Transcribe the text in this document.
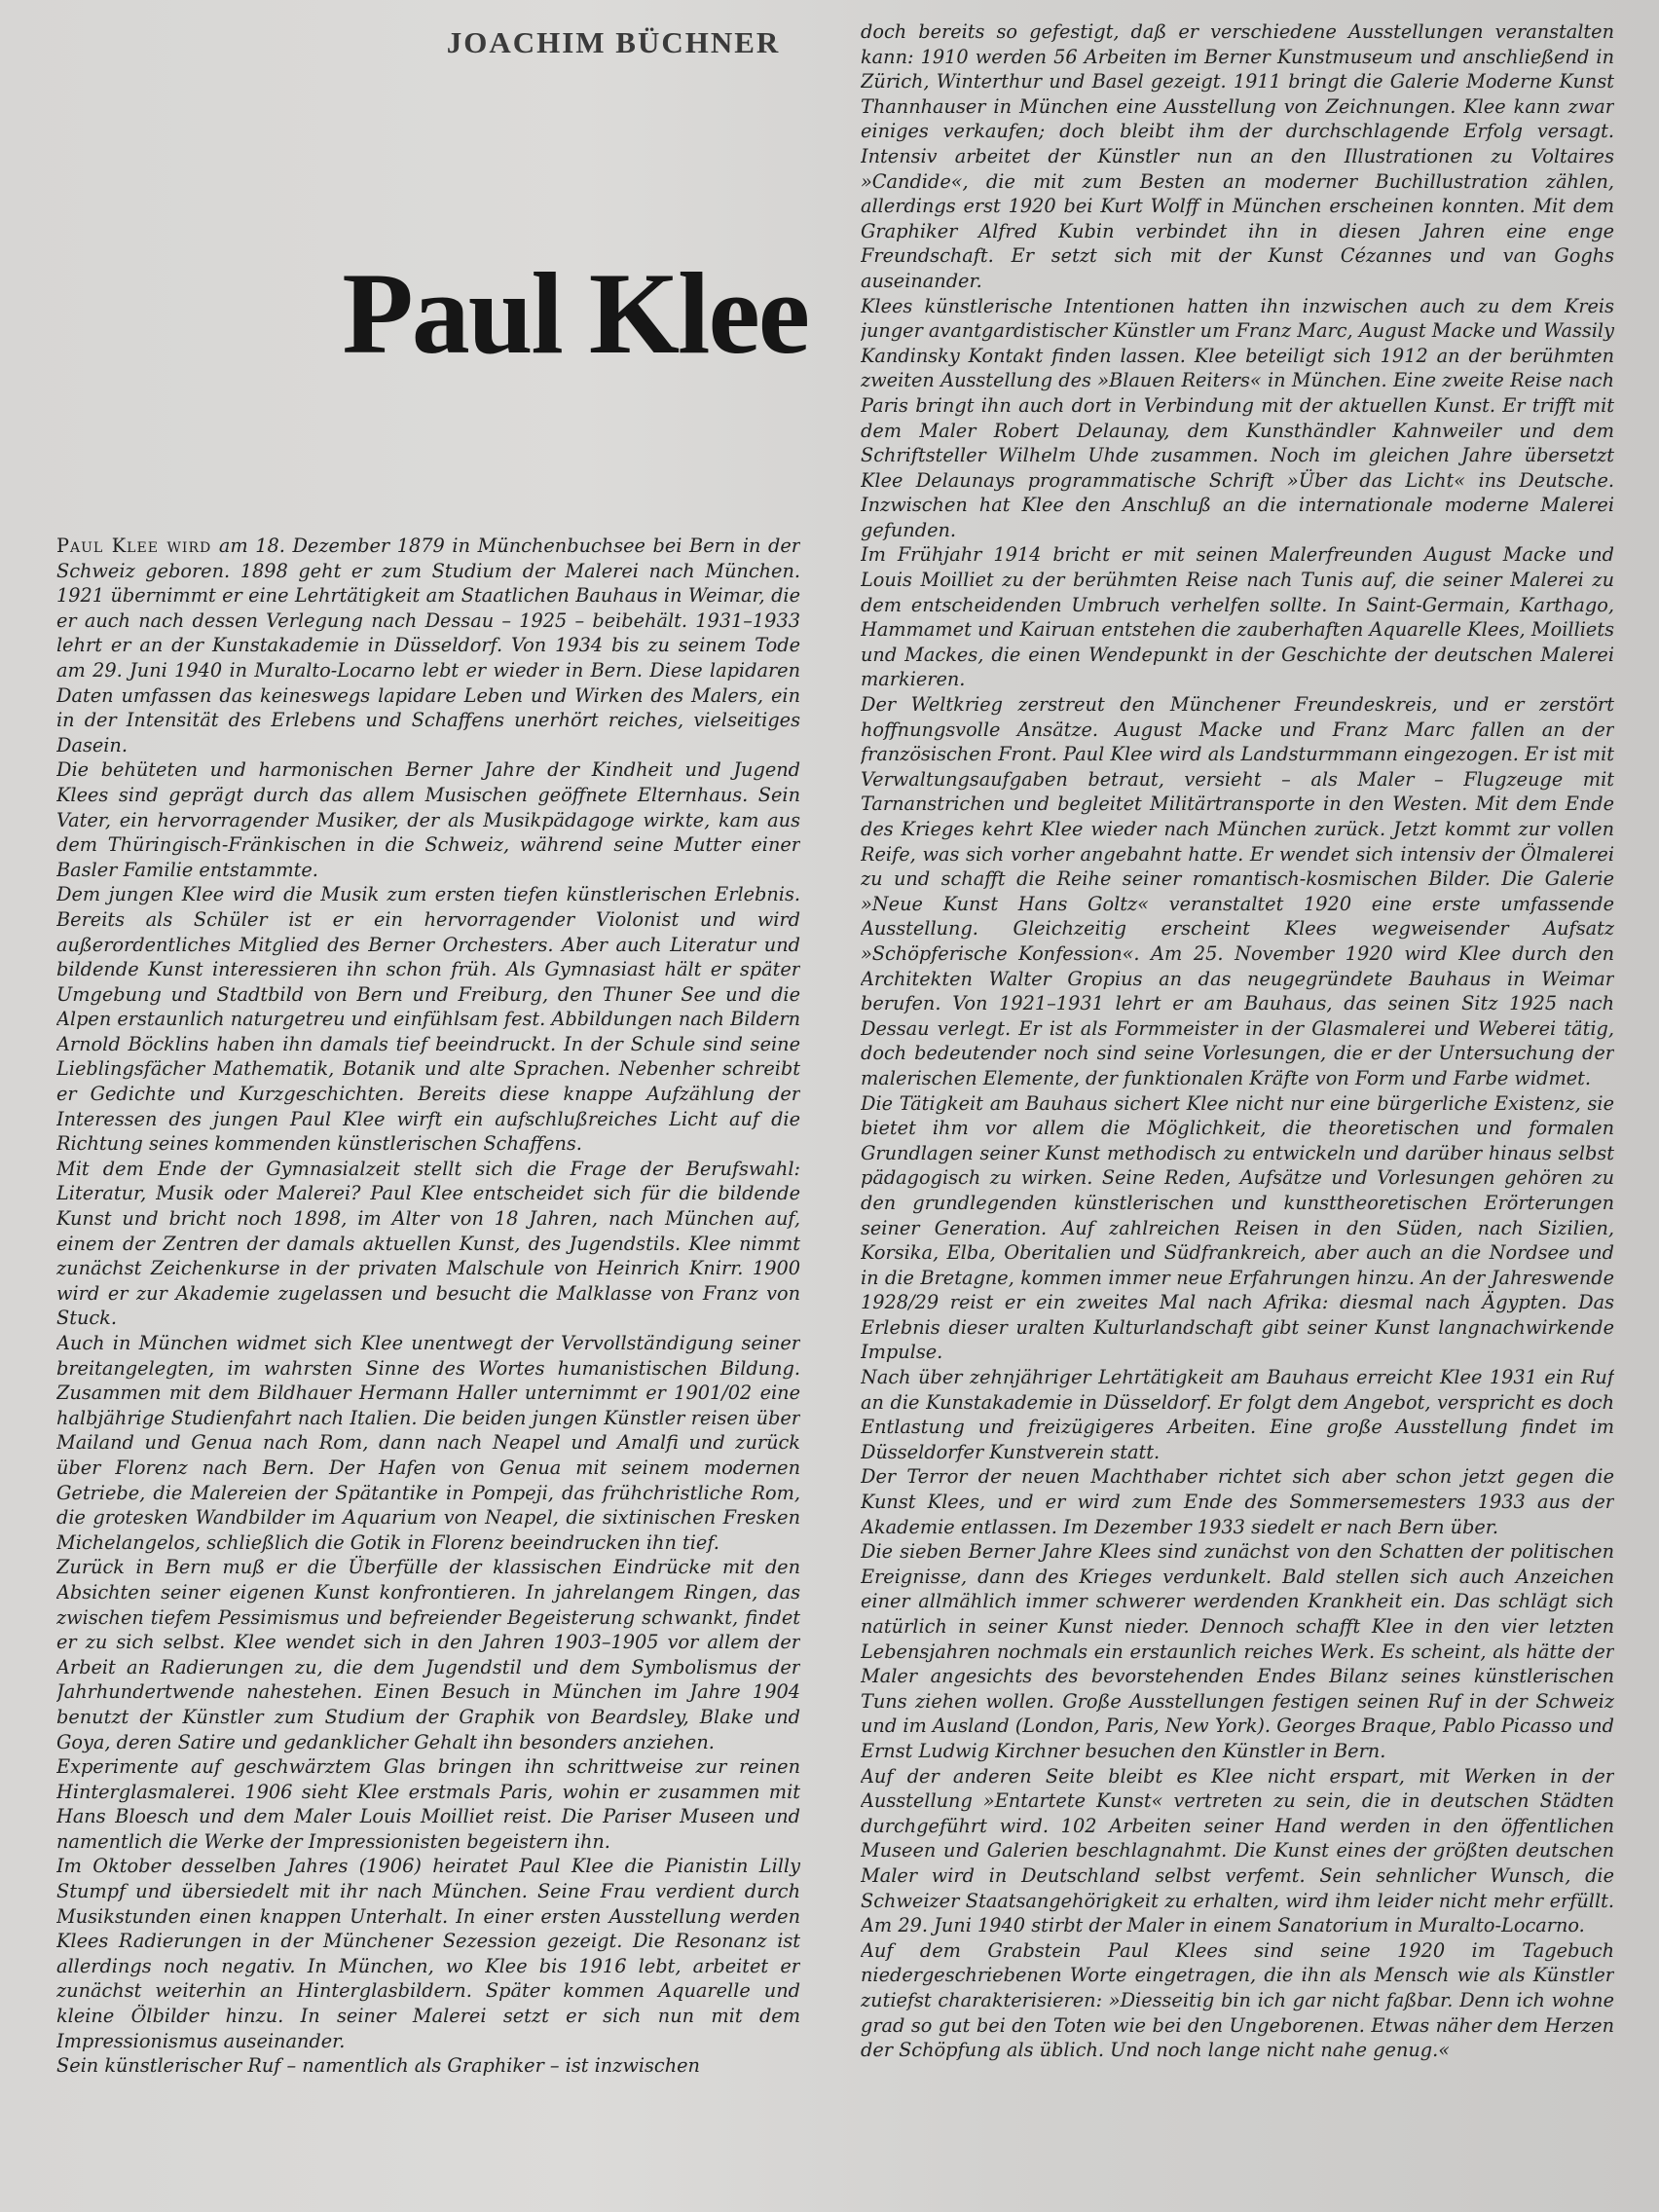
JOACHIM BÜCHNER
Paul Klee

Paul Klee wird am 18. Dezember 1879 in Münchenbuchsee bei Bern in der Schweiz geboren. 1898 geht er zum Studium der Malerei nach München. 1921 übernimmt er eine Lehrtätigkeit am Staatlichen Bauhaus in Weimar, die er auch nach dessen Verlegung nach Dessau – 1925 – beibehält. 1931–1933 lehrt er an der Kunstakademie in Düsseldorf. Von 1934 bis zu seinem Tode am 29. Juni 1940 in Muralto-Locarno lebt er wieder in Bern. Diese lapidaren Daten umfassen das keineswegs lapidare Leben und Wirken des Malers, ein in der Intensität des Erlebens und Schaffens unerhört reiches, vielseitiges Dasein.

Die behüteten und harmonischen Berner Jahre der Kindheit und Jugend Klees sind geprägt durch das allem Musischen geöffnete Elternhaus. Sein Vater, ein hervorragender Musiker, der als Musikpädagoge wirkte, kam aus dem Thüringisch-Fränkischen in die Schweiz, während seine Mutter einer Basler Familie entstammte.

Dem jungen Klee wird die Musik zum ersten tiefen künstlerischen Erlebnis. Bereits als Schüler ist er ein hervorragender Violonist und wird außerordentliches Mitglied des Berner Orchesters. Aber auch Literatur und bildende Kunst interessieren ihn schon früh. Als Gymnasiast hält er später Umgebung und Stadtbild von Bern und Freiburg, den Thuner See und die Alpen erstaunlich naturgetreu und einfühlsam fest. Abbildungen nach Bildern Arnold Böcklins haben ihn damals tief beeindruckt. In der Schule sind seine Lieblingsfächer Mathematik, Botanik und alte Sprachen. Nebenher schreibt er Gedichte und Kurzgeschichten. Bereits diese knappe Aufzählung der Interessen des jungen Paul Klee wirft ein aufschlußreiches Licht auf die Richtung seines kommenden künstlerischen Schaffens.

Mit dem Ende der Gymnasialzeit stellt sich die Frage der Berufswahl: Literatur, Musik oder Malerei? Paul Klee entscheidet sich für die bildende Kunst und bricht noch 1898, im Alter von 18 Jahren, nach München auf, einem der Zentren der damals aktuellen Kunst, des Jugendstils. Klee nimmt zunächst Zeichenkurse in der privaten Malschule von Heinrich Knirr. 1900 wird er zur Akademie zugelassen und besucht die Malklasse von Franz von Stuck.

Auch in München widmet sich Klee unentwegt der Vervollständigung seiner breitangelegten, im wahrsten Sinne des Wortes humanistischen Bildung. Zusammen mit dem Bildhauer Hermann Haller unternimmt er 1901/02 eine halbjährige Studienfahrt nach Italien. Die beiden jungen Künstler reisen über Mailand und Genua nach Rom, dann nach Neapel und Amalfi und zurück über Florenz nach Bern. Der Hafen von Genua mit seinem modernen Getriebe, die Malereien der Spätantike in Pompeji, das frühchristliche Rom, die grotesken Wandbilder im Aquarium von Neapel, die sixtinischen Fresken Michelangelos, schließlich die Gotik in Florenz beeindrucken ihn tief.

Zurück in Bern muß er die Überfülle der klassischen Eindrücke mit den Absichten seiner eigenen Kunst konfrontieren. In jahrelangem Ringen, das zwischen tiefem Pessimismus und befreiender Begeisterung schwankt, findet er zu sich selbst. Klee wendet sich in den Jahren 1903–1905 vor allem der Arbeit an Radierungen zu, die dem Jugendstil und dem Symbolismus der Jahrhundertwende nahestehen. Einen Besuch in München im Jahre 1904 benutzt der Künstler zum Studium der Graphik von Beardsley, Blake und Goya, deren Satire und gedanklicher Gehalt ihn besonders anziehen.

Experimente auf geschwärztem Glas bringen ihn schrittweise zur reinen Hinterglasmalerei. 1906 sieht Klee erstmals Paris, wohin er zusammen mit Hans Bloesch und dem Maler Louis Moilliet reist. Die Pariser Museen und namentlich die Werke der Impressionisten begeistern ihn.

Im Oktober desselben Jahres (1906) heiratet Paul Klee die Pianistin Lilly Stumpf und übersiedelt mit ihr nach München. Seine Frau verdient durch Musikstunden einen knappen Unterhalt. In einer ersten Ausstellung werden Klees Radierungen in der Münchener Sezession gezeigt. Die Resonanz ist allerdings noch negativ. In München, wo Klee bis 1916 lebt, arbeitet er zunächst weiterhin an Hinterglasbildern. Später kommen Aquarelle und kleine Ölbilder hinzu. In seiner Malerei setzt er sich nun mit dem Impressionismus auseinander.

Sein künstlerischer Ruf – namentlich als Graphiker – ist inzwischen

doch bereits so gefestigt, daß er verschiedene Ausstellungen veranstalten kann: 1910 werden 56 Arbeiten im Berner Kunstmuseum und anschließend in Zürich, Winterthur und Basel gezeigt. 1911 bringt die Galerie Moderne Kunst Thannhauser in München eine Ausstellung von Zeichnungen. Klee kann zwar einiges verkaufen; doch bleibt ihm der durchschlagende Erfolg versagt. Intensiv arbeitet der Künstler nun an den Illustrationen zu Voltaires »Candide«, die mit zum Besten an moderner Buchillustration zählen, allerdings erst 1920 bei Kurt Wolff in München erscheinen konnten. Mit dem Graphiker Alfred Kubin verbindet ihn in diesen Jahren eine enge Freundschaft. Er setzt sich mit der Kunst Cézannes und van Goghs auseinander.

Klees künstlerische Intentionen hatten ihn inzwischen auch zu dem Kreis junger avantgardistischer Künstler um Franz Marc, August Macke und Wassily Kandinsky Kontakt finden lassen. Klee beteiligt sich 1912 an der berühmten zweiten Ausstellung des »Blauen Reiters« in München. Eine zweite Reise nach Paris bringt ihn auch dort in Verbindung mit der aktuellen Kunst. Er trifft mit dem Maler Robert Delaunay, dem Kunsthändler Kahnweiler und dem Schriftsteller Wilhelm Uhde zusammen. Noch im gleichen Jahre übersetzt Klee Delaunays programmatische Schrift »Über das Licht« ins Deutsche. Inzwischen hat Klee den Anschluß an die internationale moderne Malerei gefunden.

Im Frühjahr 1914 bricht er mit seinen Malerfreunden August Macke und Louis Moilliet zu der berühmten Reise nach Tunis auf, die seiner Malerei zu dem entscheidenden Umbruch verhelfen sollte. In Saint-Germain, Karthago, Hammamet und Kairuan entstehen die zauberhaften Aquarelle Klees, Moilliets und Mackes, die einen Wendepunkt in der Geschichte der deutschen Malerei markieren.

Der Weltkrieg zerstreut den Münchener Freundeskreis, und er zerstört hoffnungsvolle Ansätze. August Macke und Franz Marc fallen an der französischen Front. Paul Klee wird als Landsturmmann eingezogen. Er ist mit Verwaltungsaufgaben betraut, versieht – als Maler – Flugzeuge mit Tarnanstrichen und begleitet Militärtransporte in den Westen. Mit dem Ende des Krieges kehrt Klee wieder nach München zurück. Jetzt kommt zur vollen Reife, was sich vorher angebahnt hatte. Er wendet sich intensiv der Ölmalerei zu und schafft die Reihe seiner romantisch-kosmischen Bilder. Die Galerie »Neue Kunst Hans Goltz« veranstaltet 1920 eine erste umfassende Ausstellung. Gleichzeitig erscheint Klees wegweisender Aufsatz »Schöpferische Konfession«. Am 25. November 1920 wird Klee durch den Architekten Walter Gropius an das neugegründete Bauhaus in Weimar berufen. Von 1921–1931 lehrt er am Bauhaus, das seinen Sitz 1925 nach Dessau verlegt. Er ist als Formmeister in der Glasmalerei und Weberei tätig, doch bedeutender noch sind seine Vorlesungen, die er der Untersuchung der malerischen Elemente, der funktionalen Kräfte von Form und Farbe widmet.

Die Tätigkeit am Bauhaus sichert Klee nicht nur eine bürgerliche Existenz, sie bietet ihm vor allem die Möglichkeit, die theoretischen und formalen Grundlagen seiner Kunst methodisch zu entwickeln und darüber hinaus selbst pädagogisch zu wirken. Seine Reden, Aufsätze und Vorlesungen gehören zu den grundlegenden künstlerischen und kunsttheoretischen Erörterungen seiner Generation. Auf zahlreichen Reisen in den Süden, nach Sizilien, Korsika, Elba, Oberitalien und Südfrankreich, aber auch an die Nordsee und in die Bretagne, kommen immer neue Erfahrungen hinzu. An der Jahreswende 1928/29 reist er ein zweites Mal nach Afrika: diesmal nach Ägypten. Das Erlebnis dieser uralten Kulturlandschaft gibt seiner Kunst langnachwirkende Impulse.

Nach über zehnjähriger Lehrtätigkeit am Bauhaus erreicht Klee 1931 ein Ruf an die Kunstakademie in Düsseldorf. Er folgt dem Angebot, verspricht es doch Entlastung und freizügigeres Arbeiten. Eine große Ausstellung findet im Düsseldorfer Kunstverein statt.

Der Terror der neuen Machthaber richtet sich aber schon jetzt gegen die Kunst Klees, und er wird zum Ende des Sommersemesters 1933 aus der Akademie entlassen. Im Dezember 1933 siedelt er nach Bern über.

Die sieben Berner Jahre Klees sind zunächst von den Schatten der politischen Ereignisse, dann des Krieges verdunkelt. Bald stellen sich auch Anzeichen einer allmählich immer schwerer werdenden Krankheit ein. Das schlägt sich natürlich in seiner Kunst nieder. Dennoch schafft Klee in den vier letzten Lebensjahren nochmals ein erstaunlich reiches Werk. Es scheint, als hätte der Maler angesichts des bevorstehenden Endes Bilanz seines künstlerischen Tuns ziehen wollen. Große Ausstellungen festigen seinen Ruf in der Schweiz und im Ausland (London, Paris, New York). Georges Braque, Pablo Picasso und Ernst Ludwig Kirchner besuchen den Künstler in Bern.

Auf der anderen Seite bleibt es Klee nicht erspart, mit Werken in der Ausstellung »Entartete Kunst« vertreten zu sein, die in deutschen Städten durchgeführt wird. 102 Arbeiten seiner Hand werden in den öffentlichen Museen und Galerien beschlagnahmt. Die Kunst eines der größten deutschen Maler wird in Deutschland selbst verfemt. Sein sehnlicher Wunsch, die Schweizer Staatsangehörigkeit zu erhalten, wird ihm leider nicht mehr erfüllt. Am 29. Juni 1940 stirbt der Maler in einem Sanatorium in Muralto-Locarno.

Auf dem Grabstein Paul Klees sind seine 1920 im Tagebuch niedergeschriebenen Worte eingetragen, die ihn als Mensch wie als Künstler zutiefst charakterisieren: »Diesseitig bin ich gar nicht faßbar. Denn ich wohne grad so gut bei den Toten wie bei den Ungeborenen. Etwas näher dem Herzen der Schöpfung als üblich. Und noch lange nicht nahe genug.«
